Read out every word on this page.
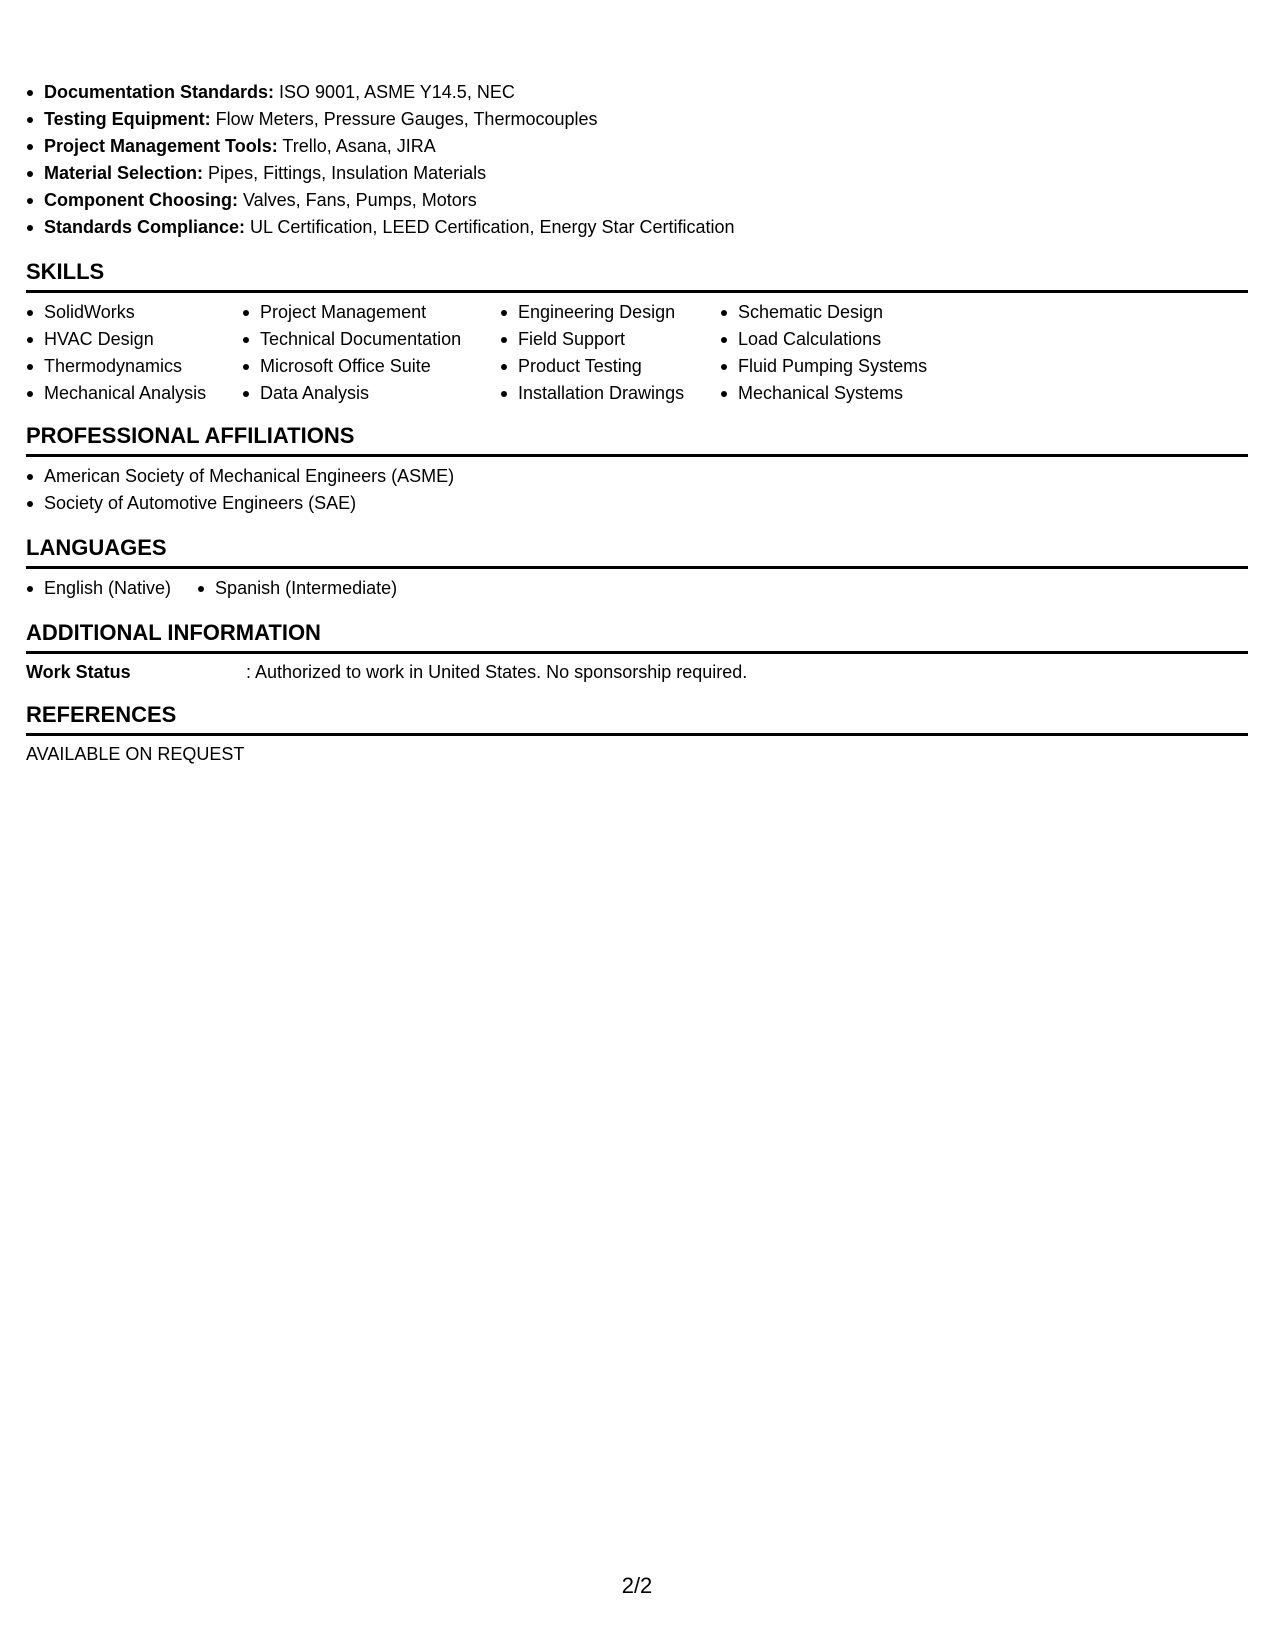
Documentation Standards: ISO 9001, ASME Y14.5, NEC
Testing Equipment: Flow Meters, Pressure Gauges, Thermocouples
Project Management Tools: Trello, Asana, JIRA
Material Selection: Pipes, Fittings, Insulation Materials
Component Choosing: Valves, Fans, Pumps, Motors
Standards Compliance: UL Certification, LEED Certification, Energy Star Certification
SKILLS
SolidWorks
HVAC Design
Thermodynamics
Mechanical Analysis
Project Management
Technical Documentation
Microsoft Office Suite
Data Analysis
Engineering Design
Field Support
Product Testing
Installation Drawings
Schematic Design
Load Calculations
Fluid Pumping Systems
Mechanical Systems
PROFESSIONAL AFFILIATIONS
American Society of Mechanical Engineers (ASME)
Society of Automotive Engineers (SAE)
LANGUAGES
English (Native)	Spanish (Intermediate)
ADDITIONAL INFORMATION
Work Status	: Authorized to work in United States. No sponsorship required.
REFERENCES
AVAILABLE ON REQUEST
2/2
